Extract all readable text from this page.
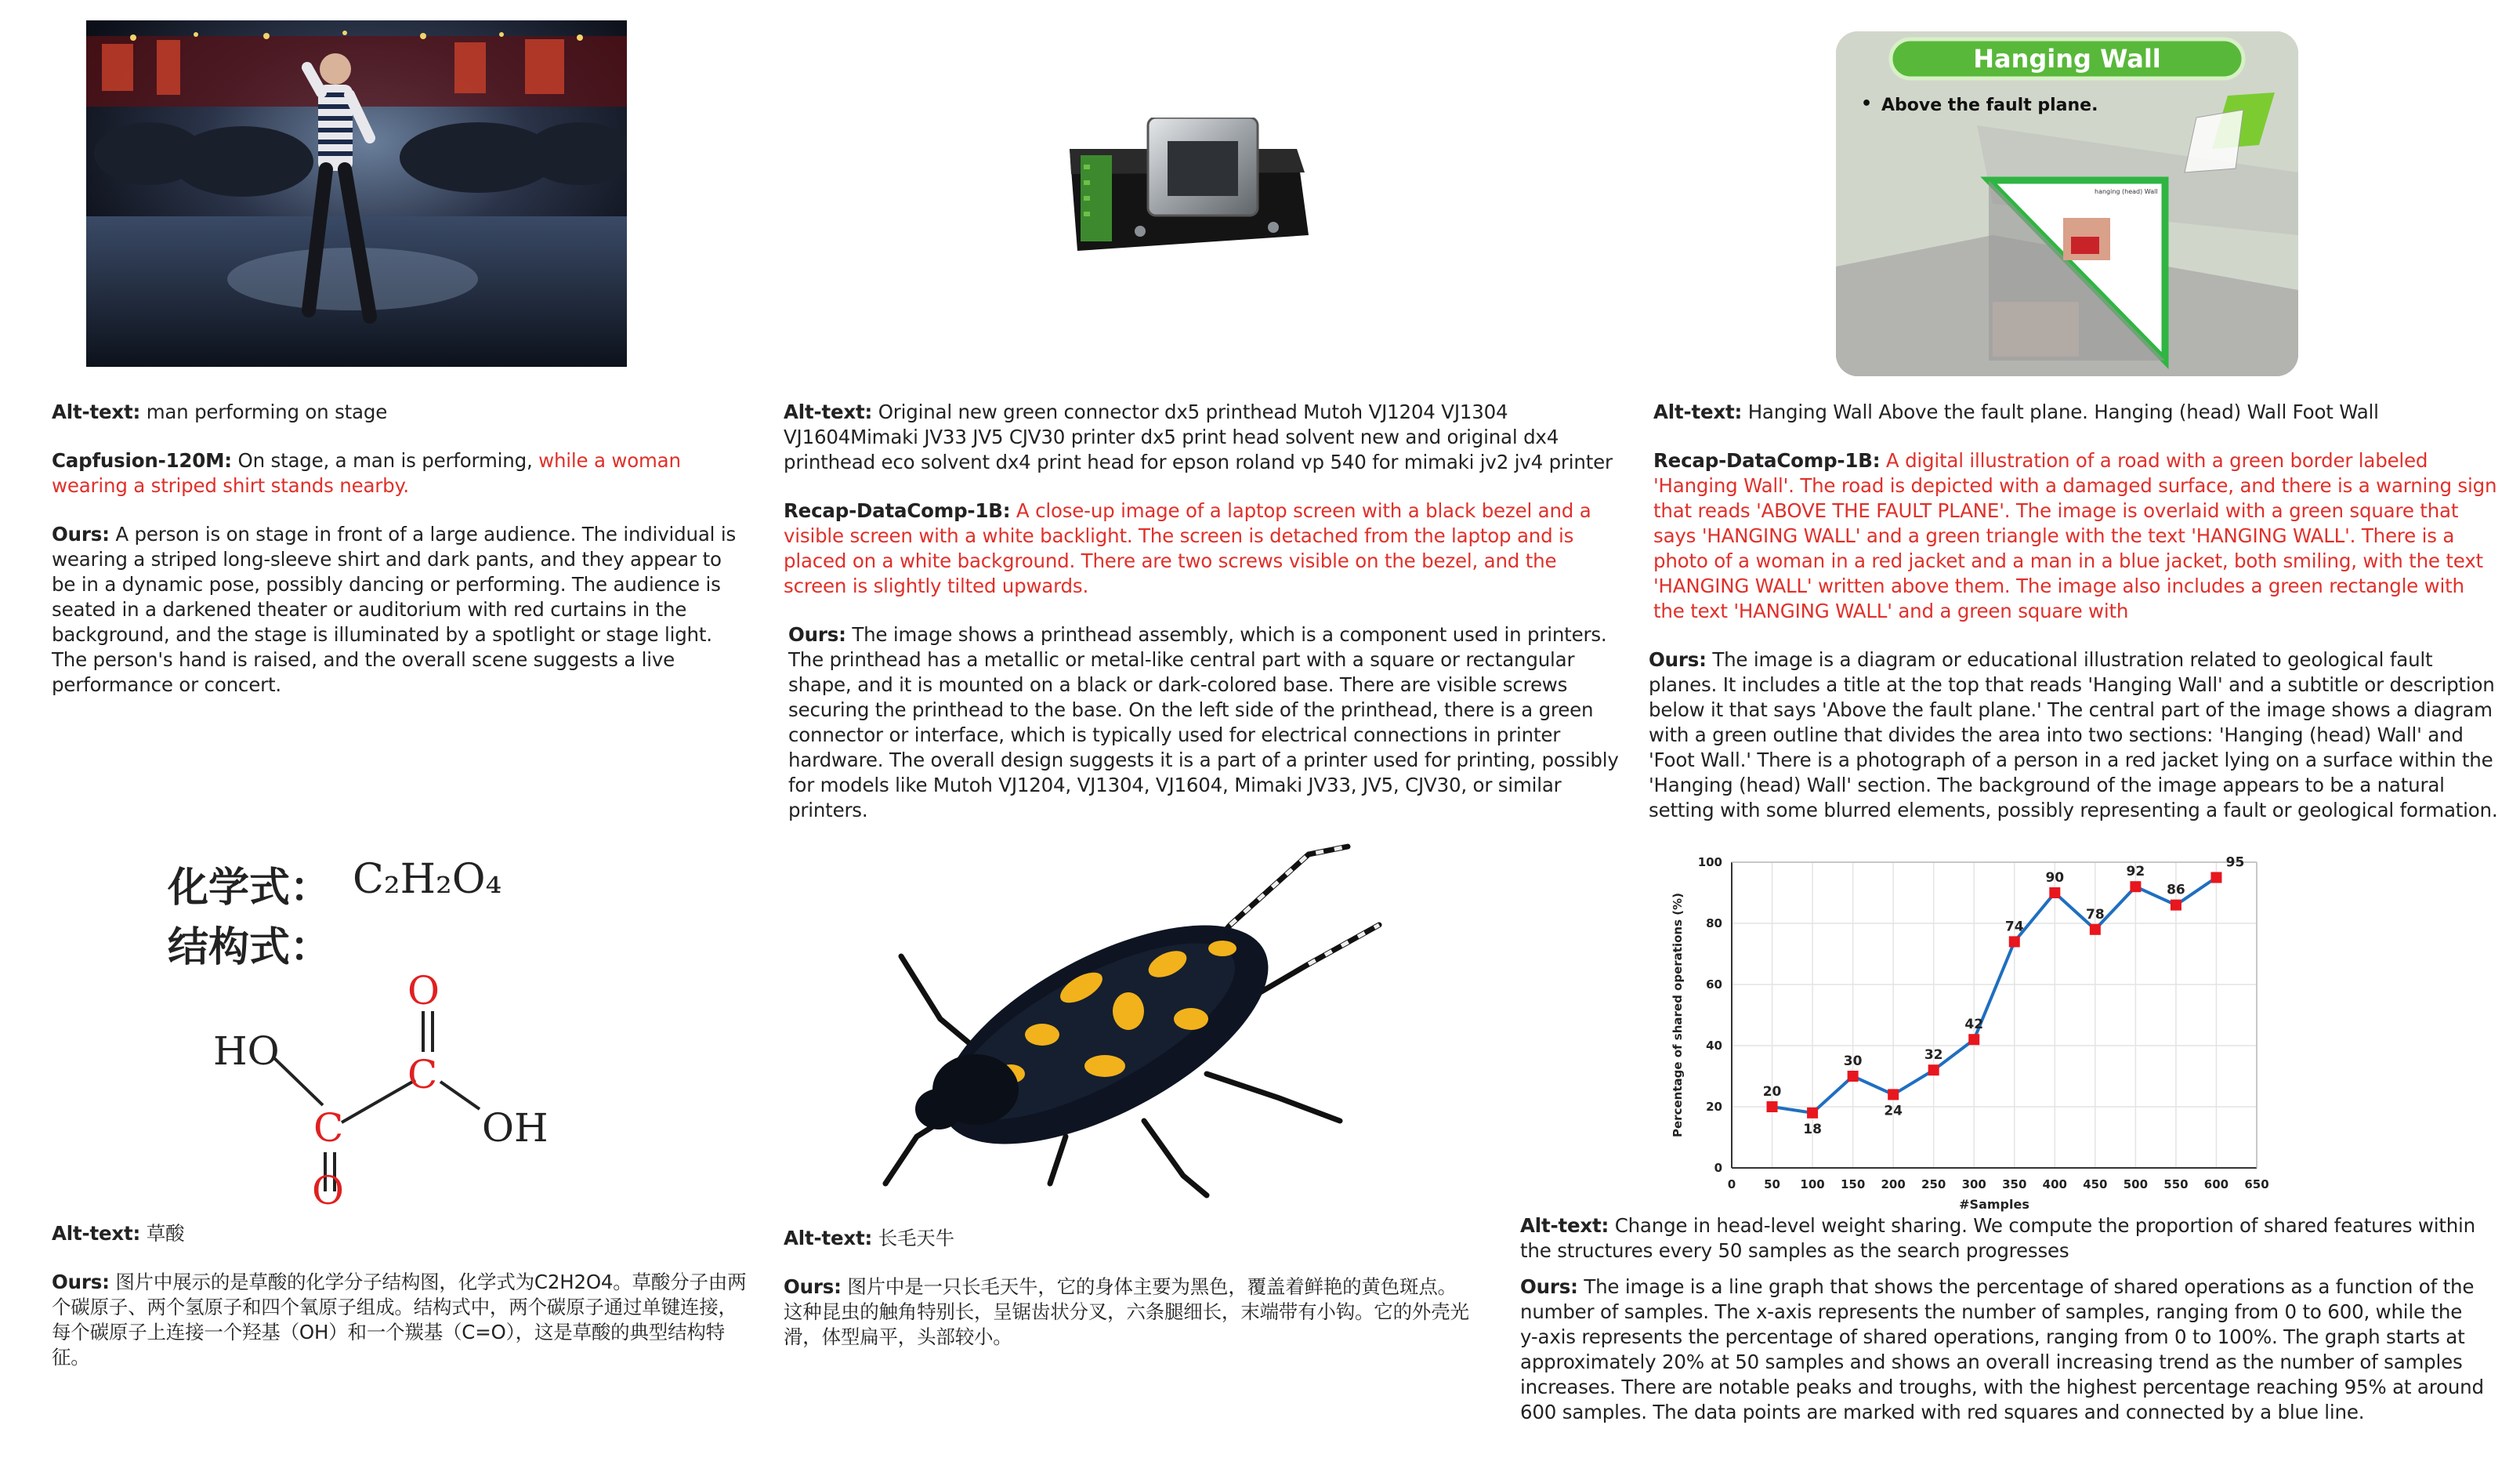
Hanging Wall
• Above the fault plane.
hanging (head) Wall
Alt-text: man performing on stage
Capfusion-120M: On stage, a man is performing, while a woman wearing a striped shirt stands nearby.
Ours: A person is on stage in front of a large audience. The individual is wearing a striped long-sleeve shirt and dark pants, and they appear to be in a dynamic pose, possibly dancing or performing. The audience is seated in a darkened theater or auditorium with red curtains in the background, and the stage is illuminated by a spotlight or stage light. The person's hand is raised, and the overall scene suggests a live performance or concert.
Alt-text: Original new green connector dx5 printhead Mutoh VJ1204 VJ1304 VJ1604Mimaki JV33 JV5 CJV30 printer dx5 print head solvent new and original dx4 printhead eco solvent dx4 print head for epson roland vp 540 for mimaki jv2 jv4 printer
Recap-DataComp-1B: A close-up image of a laptop screen with a black bezel and a visible screen with a white backlight. The screen is detached from the laptop and is placed on a white background. There are two screws visible on the bezel, and the screen is slightly tilted upwards.
Ours: The image shows a printhead assembly, which is a component used in printers. The printhead has a metallic or metal-like central part with a square or rectangular shape, and it is mounted on a black or dark-colored base. There are visible screws securing the printhead to the base. On the left side of the printhead, there is a green connector or interface, which is typically used for electrical connections in printer hardware. The overall design suggests it is a part of a printer used for printing, possibly for models like Mutoh VJ1204, VJ1304, VJ1604, Mimaki JV33, JV5, CJV30, or similar printers.
Alt-text: Hanging Wall Above the fault plane. Hanging (head) Wall Foot Wall
Recap-DataComp-1B: A digital illustration of a road with a green border labeled 'Hanging Wall'. The road is depicted with a damaged surface, and there is a warning sign that reads 'ABOVE THE FAULT PLANE'. The image is overlaid with a green square that says 'HANGING WALL' and a green triangle with the text 'HANGING WALL'. There is a photo of a woman in a red jacket and a man in a blue jacket, both smiling, with the text 'HANGING WALL' written above them. The image also includes a green rectangle with the text 'HANGING WALL' and a green square with
Ours: The image is a diagram or educational illustration related to geological fault planes. It includes a title at the top that reads 'Hanging Wall' and a subtitle or description below it that says 'Above the fault plane.' The central part of the image shows a diagram with a green outline that divides the area into two sections: 'Hanging (head) Wall' and 'Foot Wall.' There is a photograph of a person in a red jacket lying on a surface within the 'Hanging (head) Wall' section. The background of the image appears to be a natural setting with some blurred elements, possibly representing a fault or geological formation.
化学式： C₂H₂O₄
结构式：
O
C
HO
C	OH
O	0 50 100 150 200 250 300 350 400 450 500 550 600 650
0
20
40
60
80
100
#Samples
Percentage of shared operations (%)	20
18
30
24
32
42
74
90
78
92
86
95
Alt-text: 草酸
Ours: 图片中展示的是草酸的化学分子结构图，化学式为C2H2O4。草酸分子由两个碳原子、两个氢原子和四个氧原子组成。结构式中，两个碳原子通过单键连接，每个碳原子上连接一个羟基（OH）和一个羰基（C=O），这是草酸的典型结构特征。
Alt-text: 长毛天牛
Ours: 图片中是一只长毛天牛，它的身体主要为黑色，覆盖着鲜艳的黄色斑点。这种昆虫的触角特别长，呈锯齿状分叉，六条腿细长，末端带有小钩。它的外壳光滑，体型扁平，头部较小。
Alt-text: Change in head-level weight sharing. We compute the proportion of shared features within the structures every 50 samples as the search progresses
Ours: The image is a line graph that shows the percentage of shared operations as a function of the number of samples. The x-axis represents the number of samples, ranging from 0 to 600, while the y-axis represents the percentage of shared operations, ranging from 0 to 100%. The graph starts at approximately 20% at 50 samples and shows an overall increasing trend as the number of samples increases. There are notable peaks and troughs, with the highest percentage reaching 95% at around 600 samples. The data points are marked with red squares and connected by a blue line.
